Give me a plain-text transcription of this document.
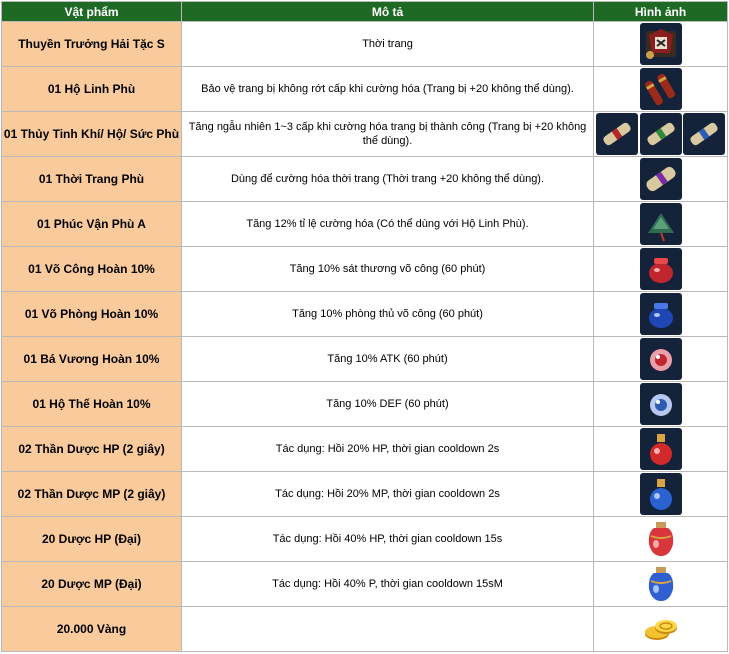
Vật phẩm	Mô tả	Hình ảnh
Thuyền Trưởng Hải Tặc S	Thời trang	

01 Hộ Linh Phù	Bảo vệ trang bị không rớt cấp khi cường hóa (Trang bị +20 không thể dùng).	

01 Thủy Tinh Khí/ Hộ/ Sức Phù	Tăng ngẫu nhiên 1~3 cấp khi cường hóa trang bị thành công (Trang bị +20 không thể dùng).	

01 Thời Trang Phù	Dùng để cường hóa thời trang (Thời trang +20 không thể dùng).	

01 Phúc Vận Phù A	Tăng 12% tỉ lệ cường hóa (Có thể dùng với Hộ Linh Phù).	

01 Võ Công Hoàn 10%	Tăng 10% sát thương võ công (60 phút)	

01 Võ Phòng Hoàn 10%	Tăng 10% phòng thủ võ công (60 phút)	

01 Bá Vương Hoàn 10%	Tăng 10% ATK (60 phút)	

01 Hộ Thế Hoàn 10%	Tăng 10% DEF (60 phút)	

02 Thần Dược HP (2 giây)	Tác dụng: Hồi 20% HP, thời gian cooldown 2s	

02 Thần Dược MP (2 giây)	Tác dụng: Hồi 20% MP, thời gian cooldown 2s	

20 Dược HP (Đại)	Tác dụng: Hồi 40% HP, thời gian cooldown 15s	

20 Dược MP (Đại)	Tác dụng: Hồi 40% P, thời gian cooldown 15sM	

20.000 Vàng		
